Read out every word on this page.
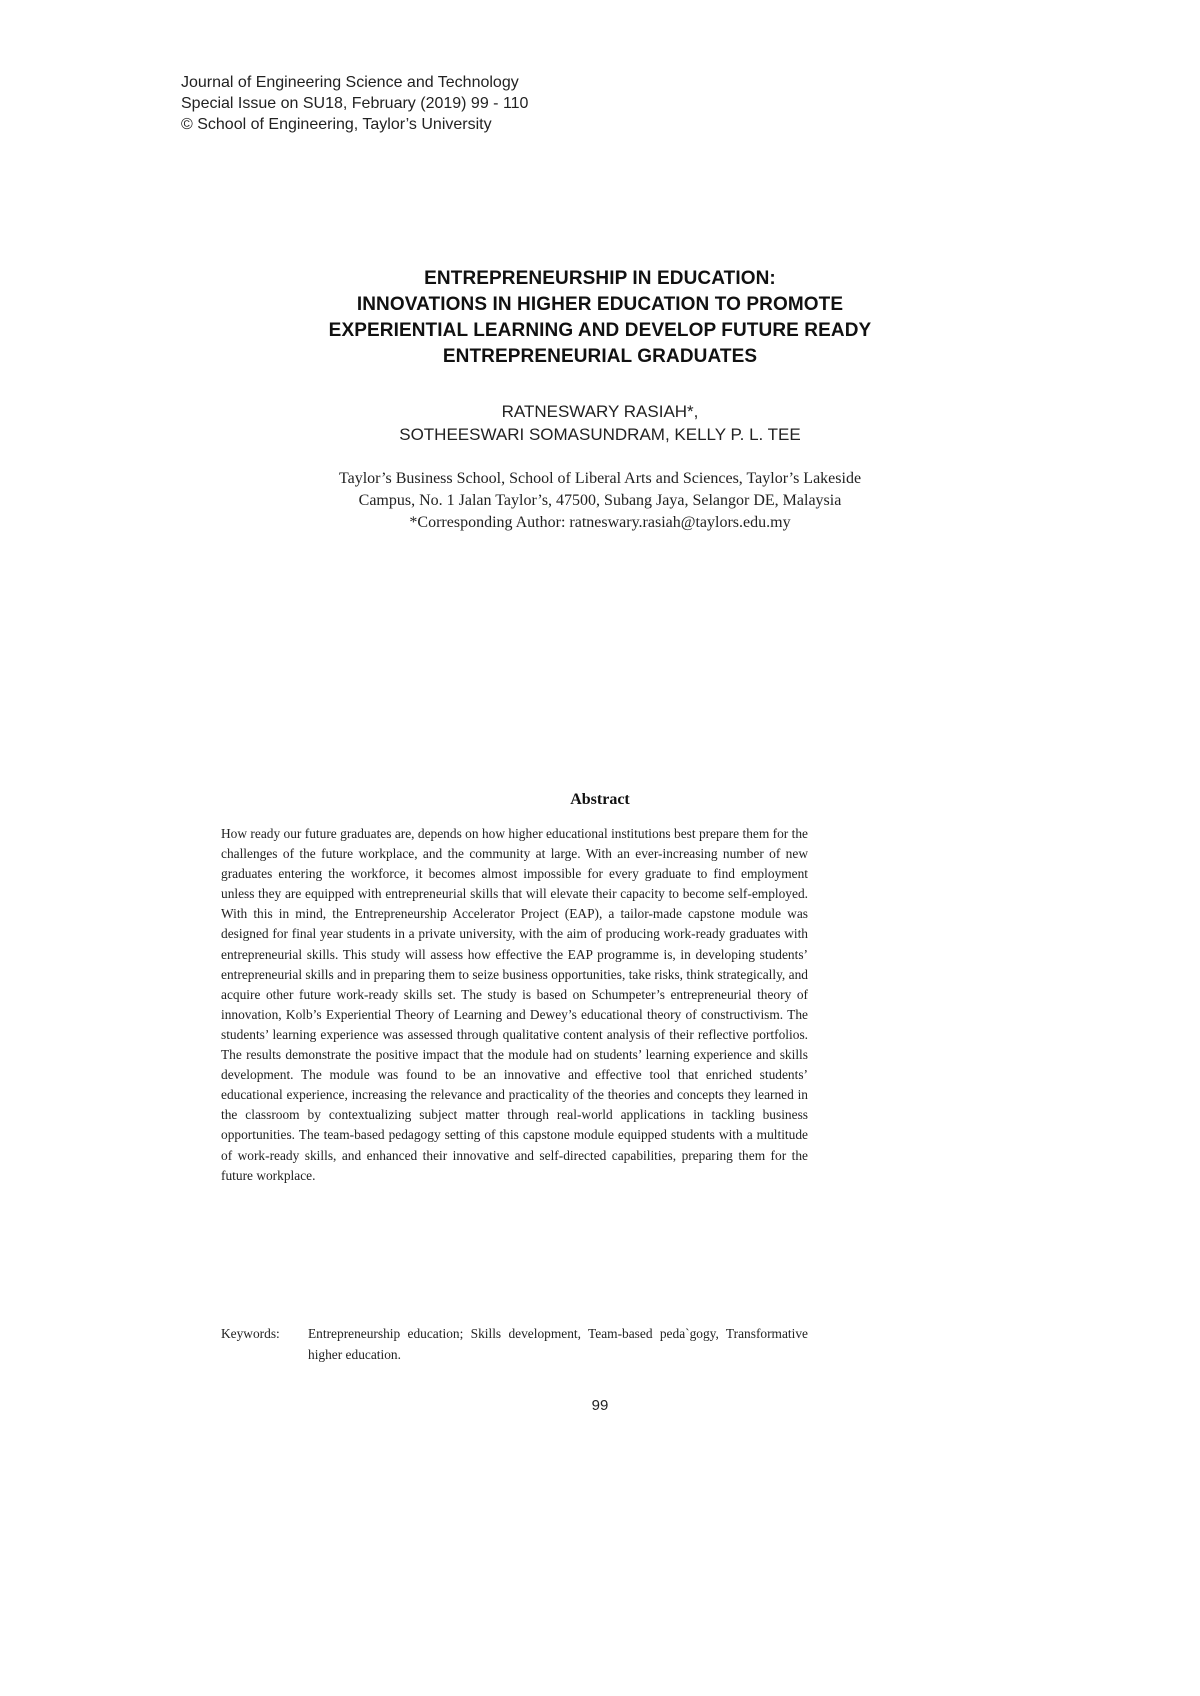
Journal of Engineering Science and Technology
Special Issue on SU18, February (2019) 99 - 110
© School of Engineering, Taylor’s University
ENTREPRENEURSHIP IN EDUCATION:
INNOVATIONS IN HIGHER EDUCATION TO PROMOTE
EXPERIENTIAL LEARNING AND DEVELOP FUTURE READY
ENTREPRENEURIAL GRADUATES
RATNESWARY RASIAH*,
SOTHEESWARI SOMASUNDRAM, KELLY P. L. TEE
Taylor’s Business School, School of Liberal Arts and Sciences, Taylor’s Lakeside
Campus, No. 1 Jalan Taylor’s, 47500, Subang Jaya, Selangor DE, Malaysia
*Corresponding Author: ratneswary.rasiah@taylors.edu.my
Abstract
How ready our future graduates are, depends on how higher educational institutions best prepare them for the challenges of the future workplace, and the community at large. With an ever-increasing number of new graduates entering the workforce, it becomes almost impossible for every graduate to find employment unless they are equipped with entrepreneurial skills that will elevate their capacity to become self-employed. With this in mind, the Entrepreneurship Accelerator Project (EAP), a tailor-made capstone module was designed for final year students in a private university, with the aim of producing work-ready graduates with entrepreneurial skills. This study will assess how effective the EAP programme is, in developing students’ entrepreneurial skills and in preparing them to seize business opportunities, take risks, think strategically, and acquire other future work-ready skills set. The study is based on Schumpeter’s entrepreneurial theory of innovation, Kolb’s Experiential Theory of Learning and Dewey’s educational theory of constructivism. The students’ learning experience was assessed through qualitative content analysis of their reflective portfolios. The results demonstrate the positive impact that the module had on students’ learning experience and skills development. The module was found to be an innovative and effective tool that enriched students’ educational experience, increasing the relevance and practicality of the theories and concepts they learned in the classroom by contextualizing subject matter through real-world applications in tackling business opportunities. The team-based pedagogy setting of this capstone module equipped students with a multitude of work-ready skills, and enhanced their innovative and self-directed capabilities, preparing them for the future workplace.
Keywords:	Entrepreneurship education; Skills development, Team-based peda`gogy, Transformative higher education.
99
